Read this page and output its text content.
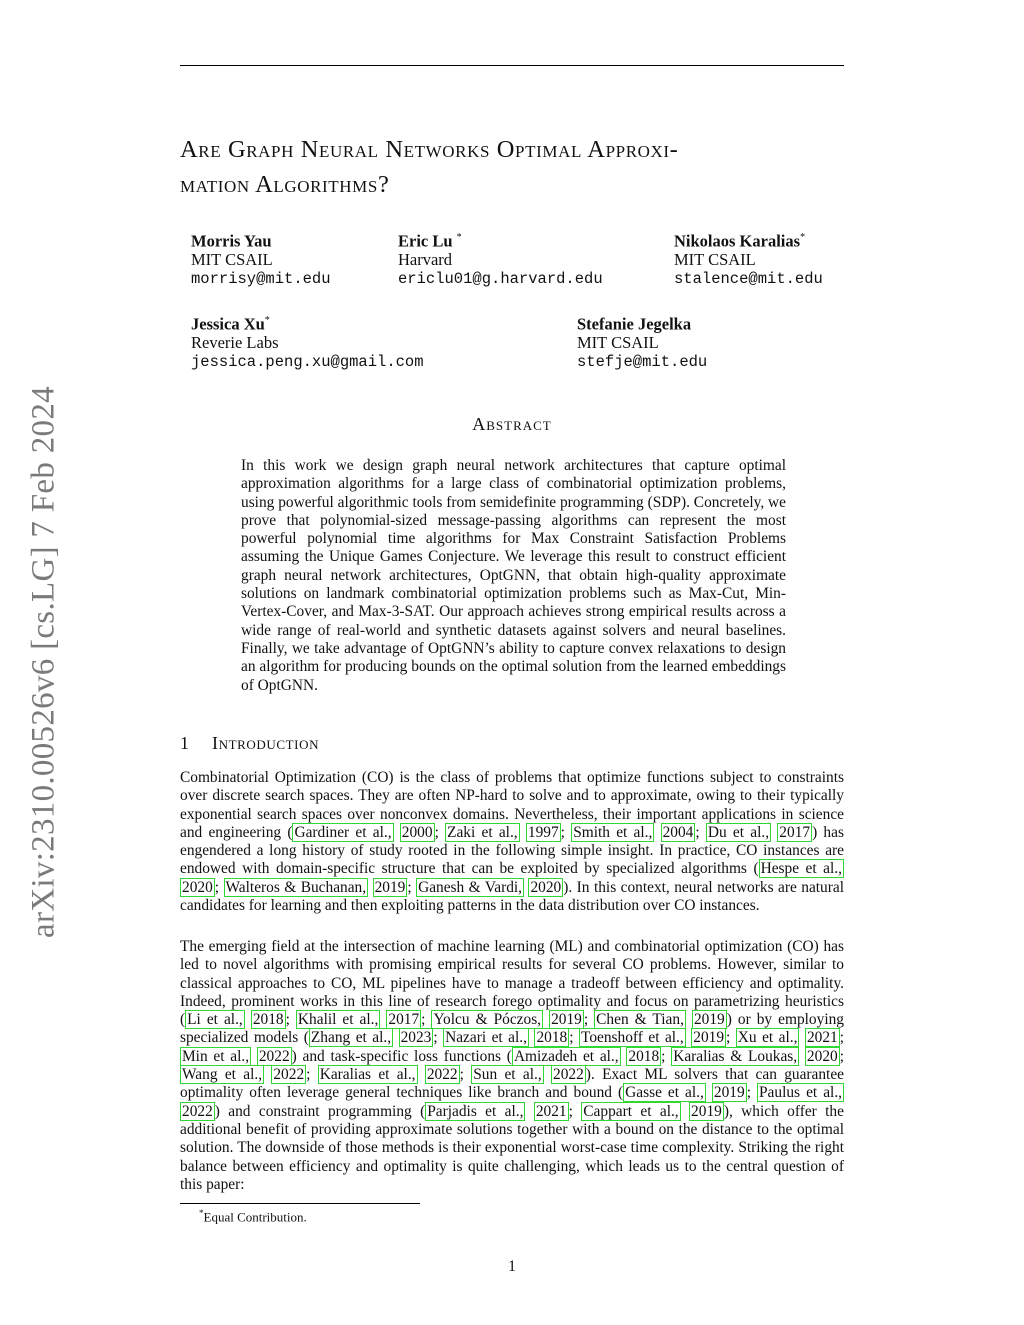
arXiv:2310.00526v6 [cs.LG] 7 Feb 2024
Are Graph Neural Networks Optimal Approxi-
mation Algorithms?
Morris Yau
MIT CSAIL
morrisy@mit.edu
Eric Lu *
Harvard
ericlu01@g.harvard.edu
Nikolaos Karalias*
MIT CSAIL
stalence@mit.edu
Jessica Xu*
Reverie Labs
jessica.peng.xu@gmail.com
Stefanie Jegelka
MIT CSAIL
stefje@mit.edu
Abstract
In this work we design graph neural network architectures that capture optimal approximation algorithms for a large class of combinatorial optimization problems, using powerful algorithmic tools from semidefinite programming (SDP). Concretely, we prove that polynomial-sized message-passing algorithms can represent the most powerful polynomial time algorithms for Max Constraint Satisfaction Problems assuming the Unique Games Conjecture. We leverage this result to construct efficient graph neural network architectures, OptGNN, that obtain high-quality approximate solutions on landmark combinatorial optimization problems such as Max-Cut, Min-Vertex-Cover, and Max-3-SAT. Our approach achieves strong empirical results across a wide range of real-world and synthetic datasets against solvers and neural baselines. Finally, we take advantage of OptGNN’s ability to capture convex relaxations to design an algorithm for producing bounds on the optimal solution from the learned embeddings of OptGNN.
1 Introduction

Combinatorial Optimization (CO) is the class of problems that optimize functions subject to constraints over discrete search spaces. They are often NP-hard to solve and to approximate, owing to their typically exponential search spaces over nonconvex domains. Nevertheless, their important applications in science and engineering ( Gardiner et al., 2000 ; Zaki et al., 1997 ; Smith et al., 2004 ; Du et al., 2017 ) has engendered a long history of study rooted in the following simple insight. In practice, CO instances are endowed with domain-specific structure that can be exploited by specialized algorithms ( Hespe et al., 2020 ; Walteros & Buchanan, 2019 ; Ganesh & Vardi, 2020 ). In this context, neural networks are natural candidates for learning and then exploiting patterns in the data distribution over CO instances.

The emerging field at the intersection of machine learning (ML) and combinatorial optimization (CO) has led to novel algorithms with promising empirical results for several CO problems. However, similar to classical approaches to CO, ML pipelines have to manage a tradeoff between efficiency and optimality. Indeed, prominent works in this line of research forego optimality and focus on parametrizing heuristics ( Li et al., 2018 ; Khalil et al., 2017 ; Yolcu & Póczos, 2019 ; Chen & Tian, 2019 ) or by employing specialized models ( Zhang et al., 2023 ; Nazari et al., 2018 ; Toenshoff et al., 2019 ; Xu et al., 2021 ; Min et al., 2022 ) and task-specific loss functions ( Amizadeh et al., 2018 ; Karalias & Loukas, 2020 ; Wang et al., 2022 ; Karalias et al., 2022 ; Sun et al., 2022 ). Exact ML solvers that can guarantee optimality often leverage general techniques like branch and bound ( Gasse et al., 2019 ; Paulus et al., 2022 ) and constraint programming ( Parjadis et al., 2021 ; Cappart et al., 2019 ), which offer the additional benefit of providing approximate solutions together with a bound on the distance to the optimal solution. The downside of those methods is their exponential worst-case time complexity. Striking the right balance between efficiency and optimality is quite challenging, which leads us to the central question of this paper:

*Equal Contribution.
1
